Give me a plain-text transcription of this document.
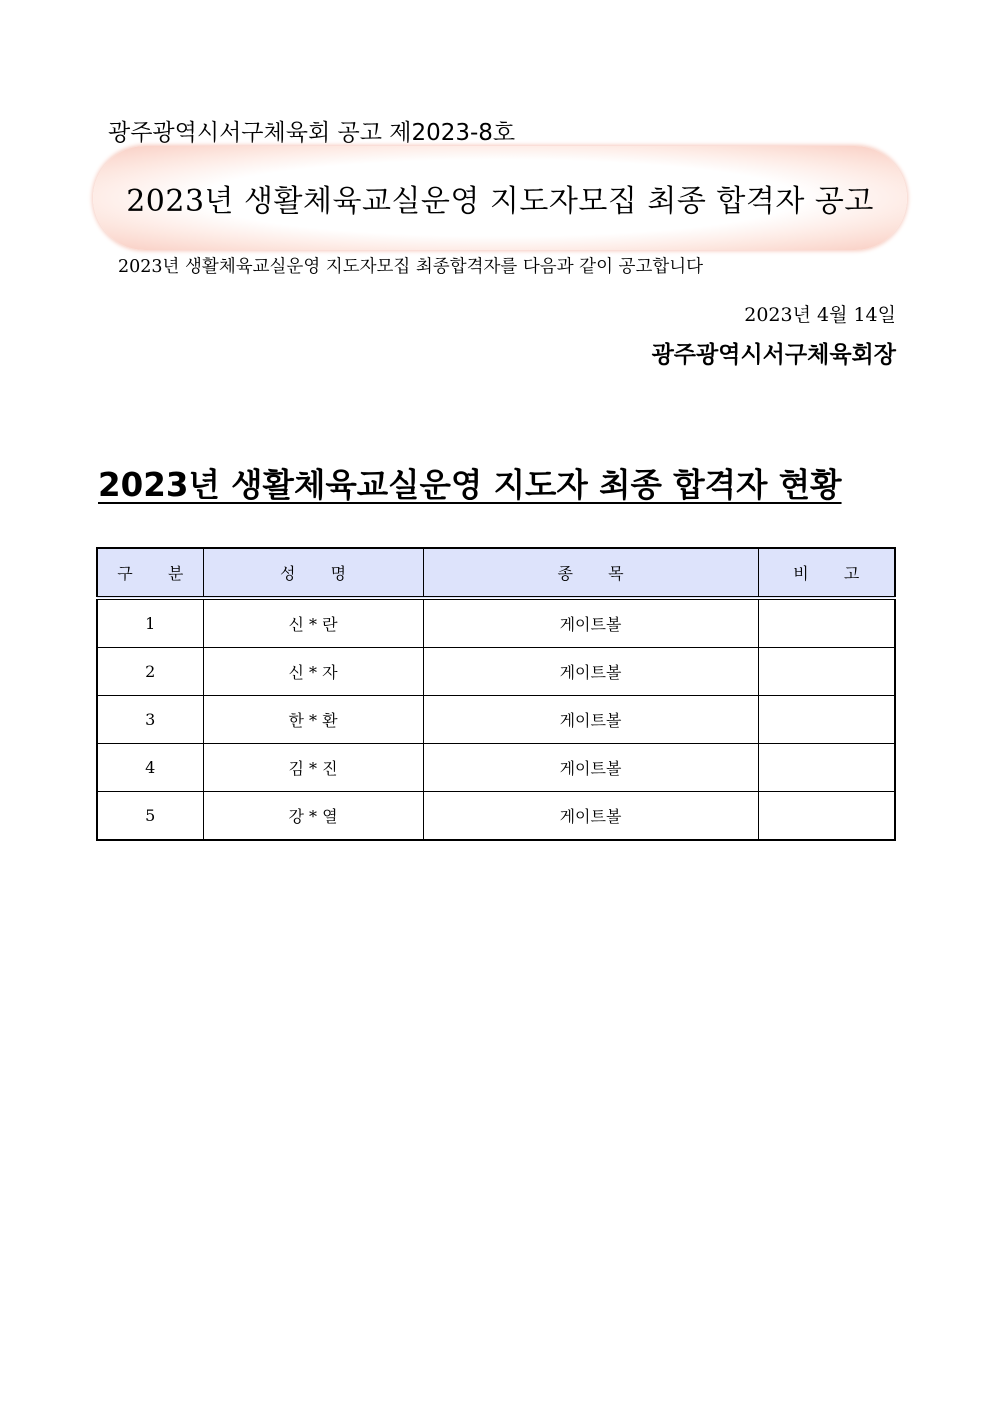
광주광역시서구체육회 공고 제2023-8호
2023년 생활체육교실운영 지도자모집 최종 합격자 공고
2023년 생활체육교실운영 지도자모집 최종합격자를 다음과 같이 공고합니다
2023년 4월 14일
광주광역시서구체육회장
2023년 생활체육교실운영 지도자 최종 합격자 현황
구분	성명	종목	비고
1	신 * 란	게이트볼	
2	신 * 자	게이트볼	
3	한 * 환	게이트볼	
4	김 * 진	게이트볼	
5	강 * 열	게이트볼	
